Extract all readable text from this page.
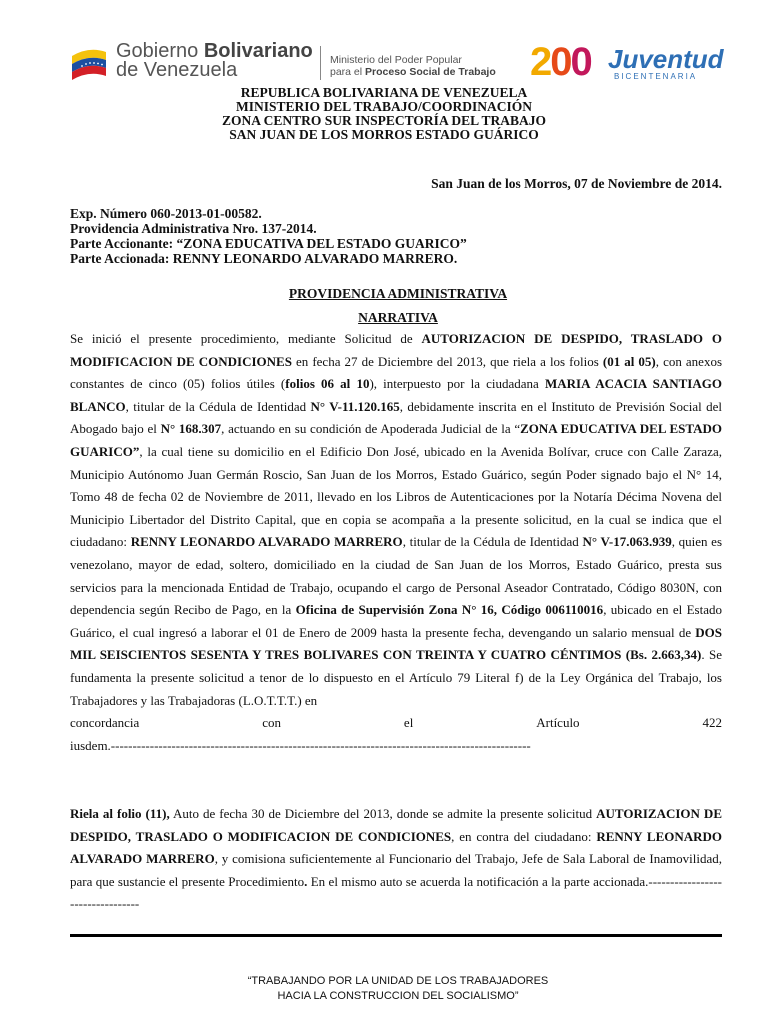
Gobierno Bolivariano
de Venezuela	Ministerio del Poder Popular
para el Proceso Social de Trabajo 200 Juventud
BICENTENARIA
REPUBLICA BOLIVARIANA DE VENEZUELA
MINISTERIO DEL TRABAJO/COORDINACIÓN
ZONA CENTRO SUR INSPECTORÍA DEL TRABAJO
SAN JUAN DE LOS MORROS ESTADO GUÁRICO
San Juan de los Morros, 07 de Noviembre de 2014.
Exp. Número 060-2013-01-00582.
Providencia Administrativa Nro. 137-2014.
Parte Accionante: “ZONA EDUCATIVA DEL ESTADO GUARICO”
Parte Accionada: RENNY LEONARDO ALVARADO MARRERO.
PROVIDENCIA ADMINISTRATIVA
NARRATIVA
Se inició el presente procedimiento, mediante Solicitud de AUTORIZACION DE DESPIDO, TRASLADO O MODIFICACION DE CONDICIONES en fecha 27 de Diciembre del 2013, que riela a los folios (01 al 05), con anexos constantes de cinco (05) folios útiles (folios 06 al 10), interpuesto por la ciudadana MARIA ACACIA SANTIAGO BLANCO, titular de la Cédula de Identidad N° V-11.120.165, debidamente inscrita en el Instituto de Previsión Social del Abogado bajo el N° 168.307, actuando en su condición de Apoderada Judicial de la “ZONA EDUCATIVA DEL ESTADO GUARICO”, la cual tiene su domicilio en el Edificio Don José, ubicado en la Avenida Bolívar, cruce con Calle Zaraza, Municipio Autónomo Juan Germán Roscio, San Juan de los Morros, Estado Guárico, según Poder signado bajo el N° 14, Tomo 48 de fecha 02 de Noviembre de 2011, llevado en los Libros de Autenticaciones por la Notaría Décima Novena del Municipio Libertador del Distrito Capital, que en copia se acompaña a la presente solicitud, en la cual se indica que el ciudadano: RENNY LEONARDO ALVARADO MARRERO, titular de la Cédula de Identidad N° V-17.063.939, quien es venezolano, mayor de edad, soltero, domiciliado en la ciudad de San Juan de los Morros, Estado Guárico, presta sus servicios para la mencionada Entidad de Trabajo, ocupando el cargo de Personal Aseador Contratado, Código 8030N, con dependencia según Recibo de Pago, en la Oficina de Supervisión Zona N° 16, Código 006110016, ubicado en el Estado Guárico, el cual ingresó a laborar el 01 de Enero de 2009 hasta la presente fecha, devengando un salario mensual de DOS MIL SEISCIENTOS SESENTA Y TRES BOLIVARES CON TREINTA Y CUATRO CÉNTIMOS (Bs. 2.663,34). Se fundamenta la presente solicitud a tenor de lo dispuesto en el Artículo 79 Literal f) de la Ley Orgánica del Trabajo, los Trabajadores y las Trabajadoras (L.O.T.T.T.) en
concordancia	con	el	Artículo	422
iusdem.-------------------------------------------------------------------------------------------------
Riela al folio (11), Auto de fecha 30 de Diciembre del 2013, donde se admite la presente solicitud AUTORIZACION DE DESPIDO, TRASLADO O MODIFICACION DE CONDICIONES, en contra del ciudadano: RENNY LEONARDO ALVARADO MARRERO, y comisiona suficientemente al Funcionario del Trabajo, Jefe de Sala Laboral de Inamovilidad, para que sustancie el presente Procedimiento. En el mismo auto se acuerda la notificación a la parte accionada.---------------------------------
“TRABAJANDO POR LA UNIDAD DE LOS TRABAJADORES
HACIA LA CONSTRUCCION DEL SOCIALISMO”
